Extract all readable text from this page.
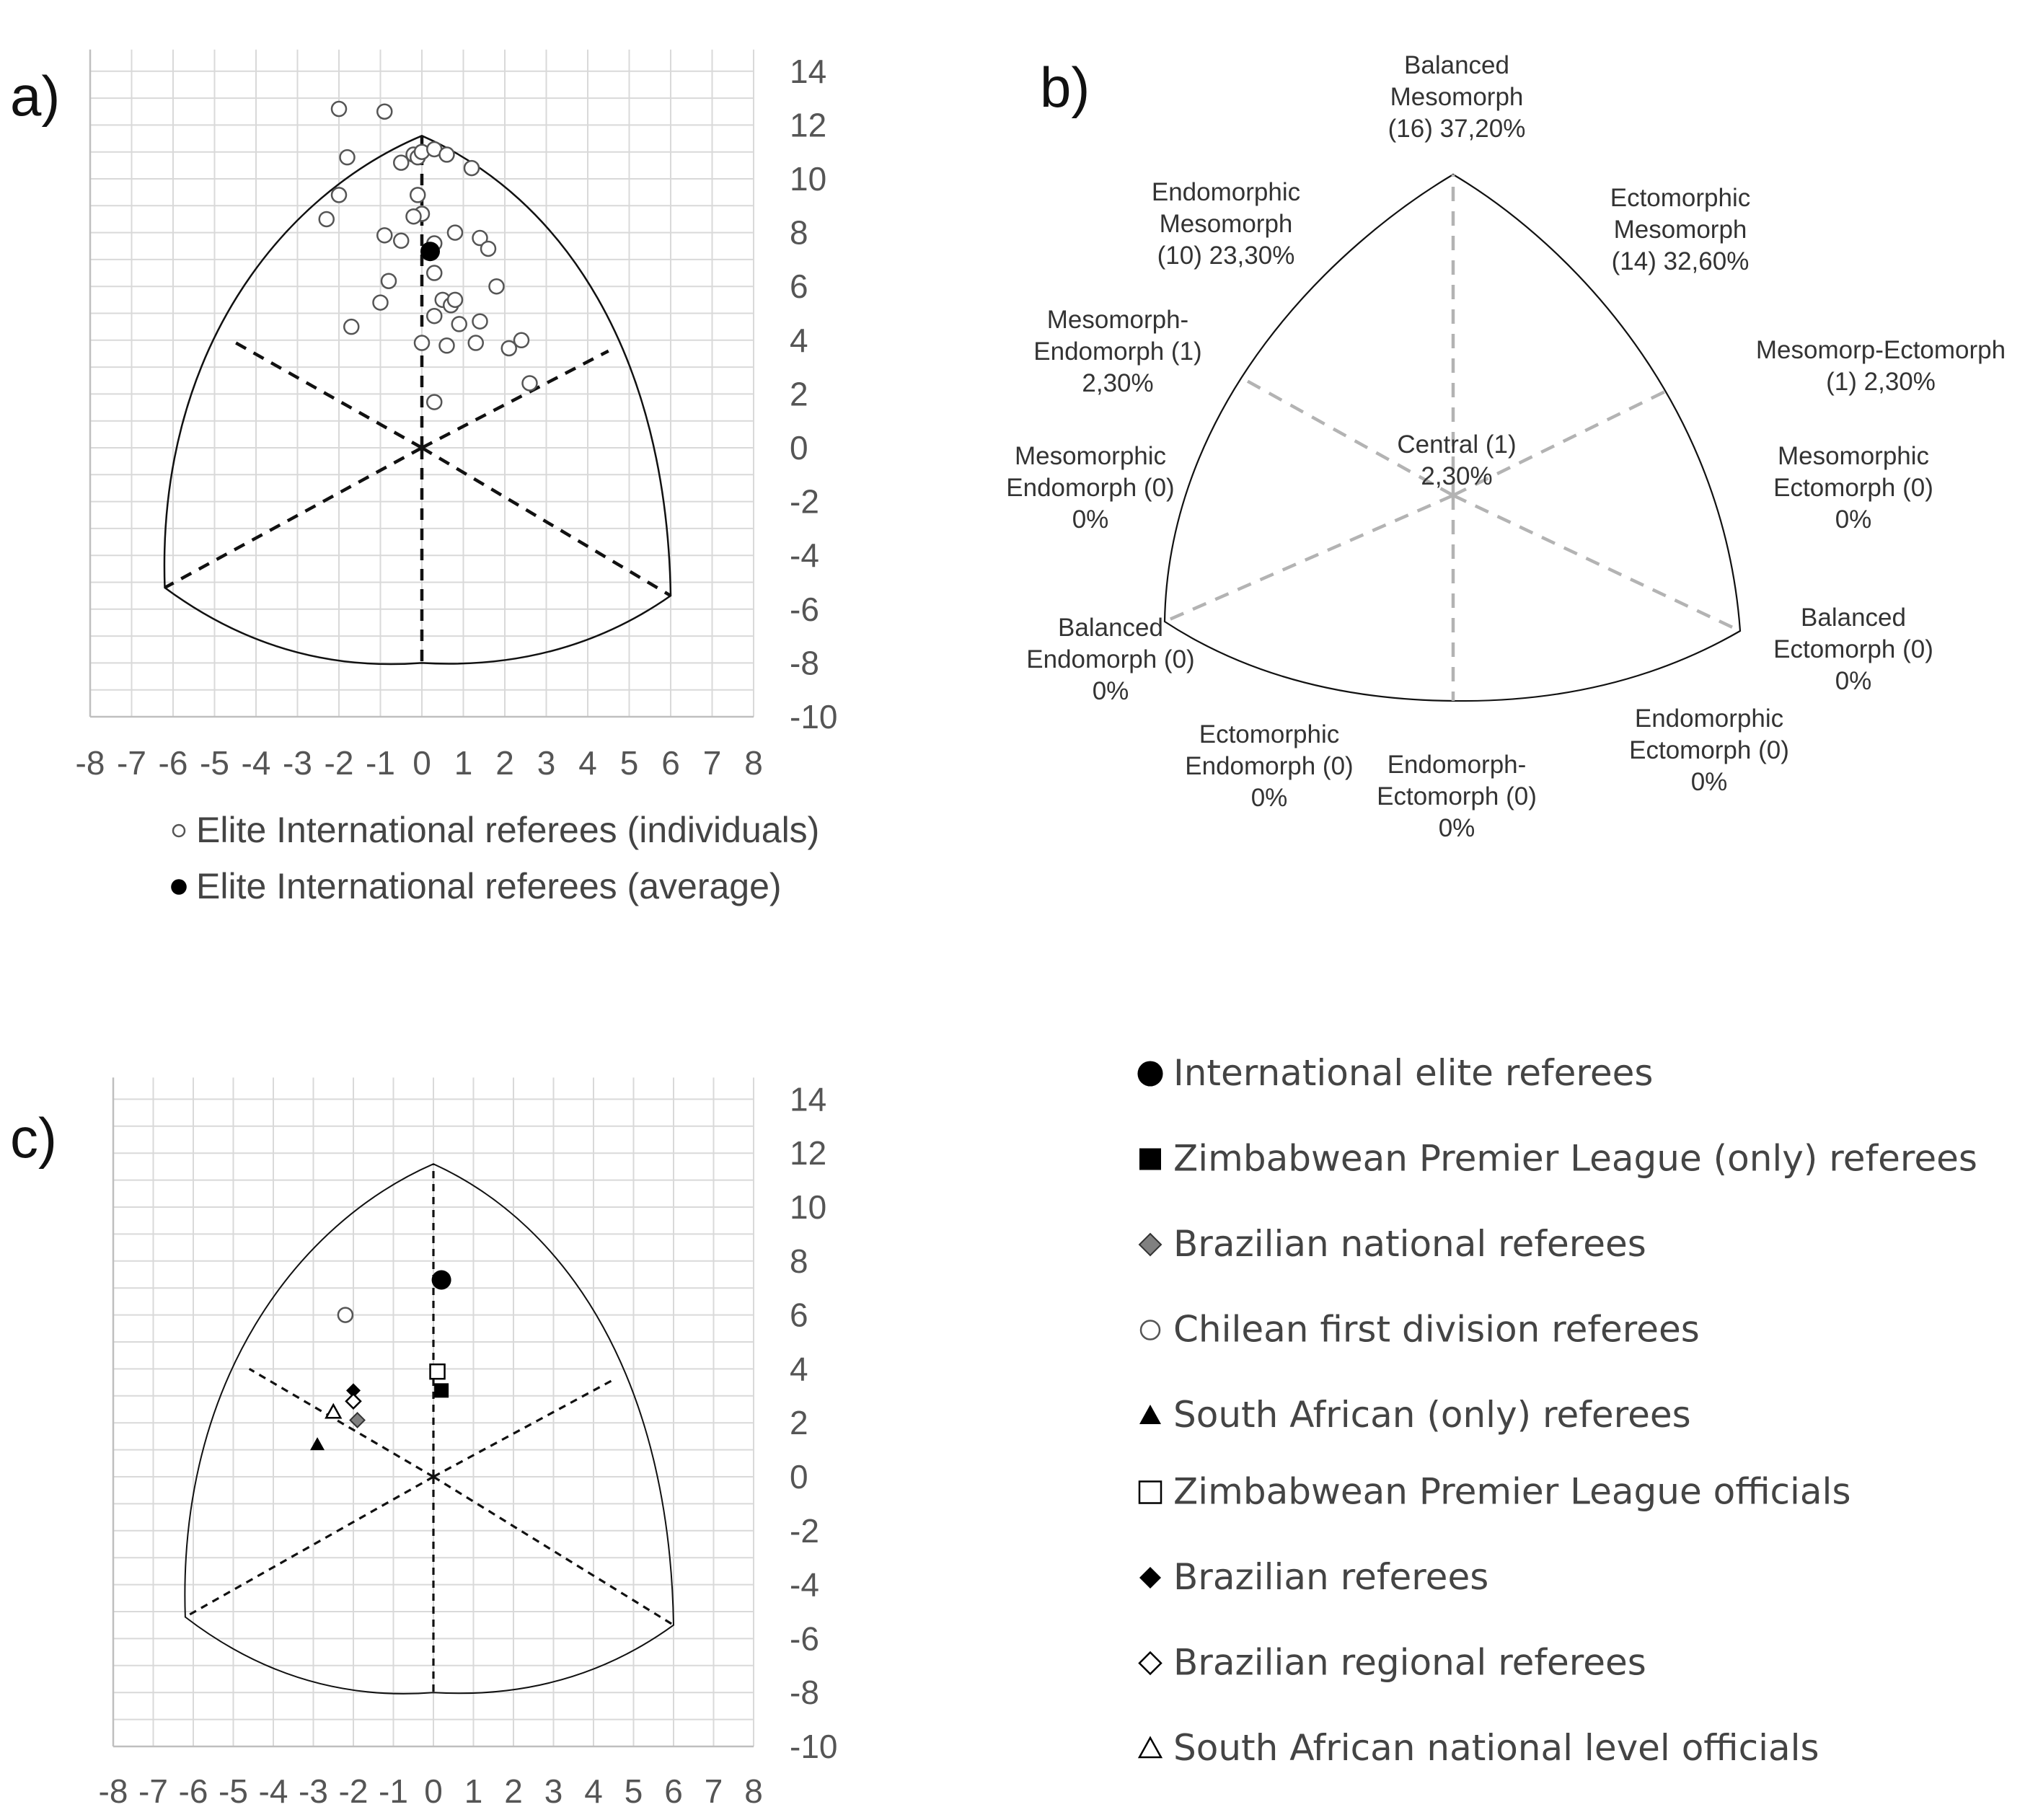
a)	b)
c)
-8 -7 -6 -5 -4 -3 -2 -1 0 1 2 3 4 5 6 7 8
14
12
10
8
6
4
2
0
-2
-4
-6
-8
-10
Elite International referees (individuals)
Elite International referees (average)
Balanced
Mesomorph
(16) 37,20%
Endomorphic
Mesomorph
(10) 23,30%
Ectomorphic
Mesomorph
(14) 32,60%
Mesomorph-
Endomorph (1)
2,30%
Mesomorp-Ectomorph
(1) 2,30%
Mesomorphic
Endomorph (0)
0%
Central (1)
2,30%
Mesomorphic
Ectomorph (0)
0%
Balanced
Endomorph (0)
0%
Balanced
Ectomorph (0)
0%
Ectomorphic
Endomorph (0)
0%
Endomorphic
Ectomorph (0)
0%
Endomorph-
Ectomorph (0)
0%
-8 -7 -6 -5 -4 -3 -2 -1 0 1 2 3 4 5 6 7 8
14
12
10
8
6
4
2
0
-2
-4
-6
-8
-10
International elite referees
Zimbabwean Premier League (only) referees
Brazilian national referees
Chilean first division referees
South African (only) referees
Zimbabwean Premier League officials
Brazilian referees
Brazilian regional referees
South African national level officials
